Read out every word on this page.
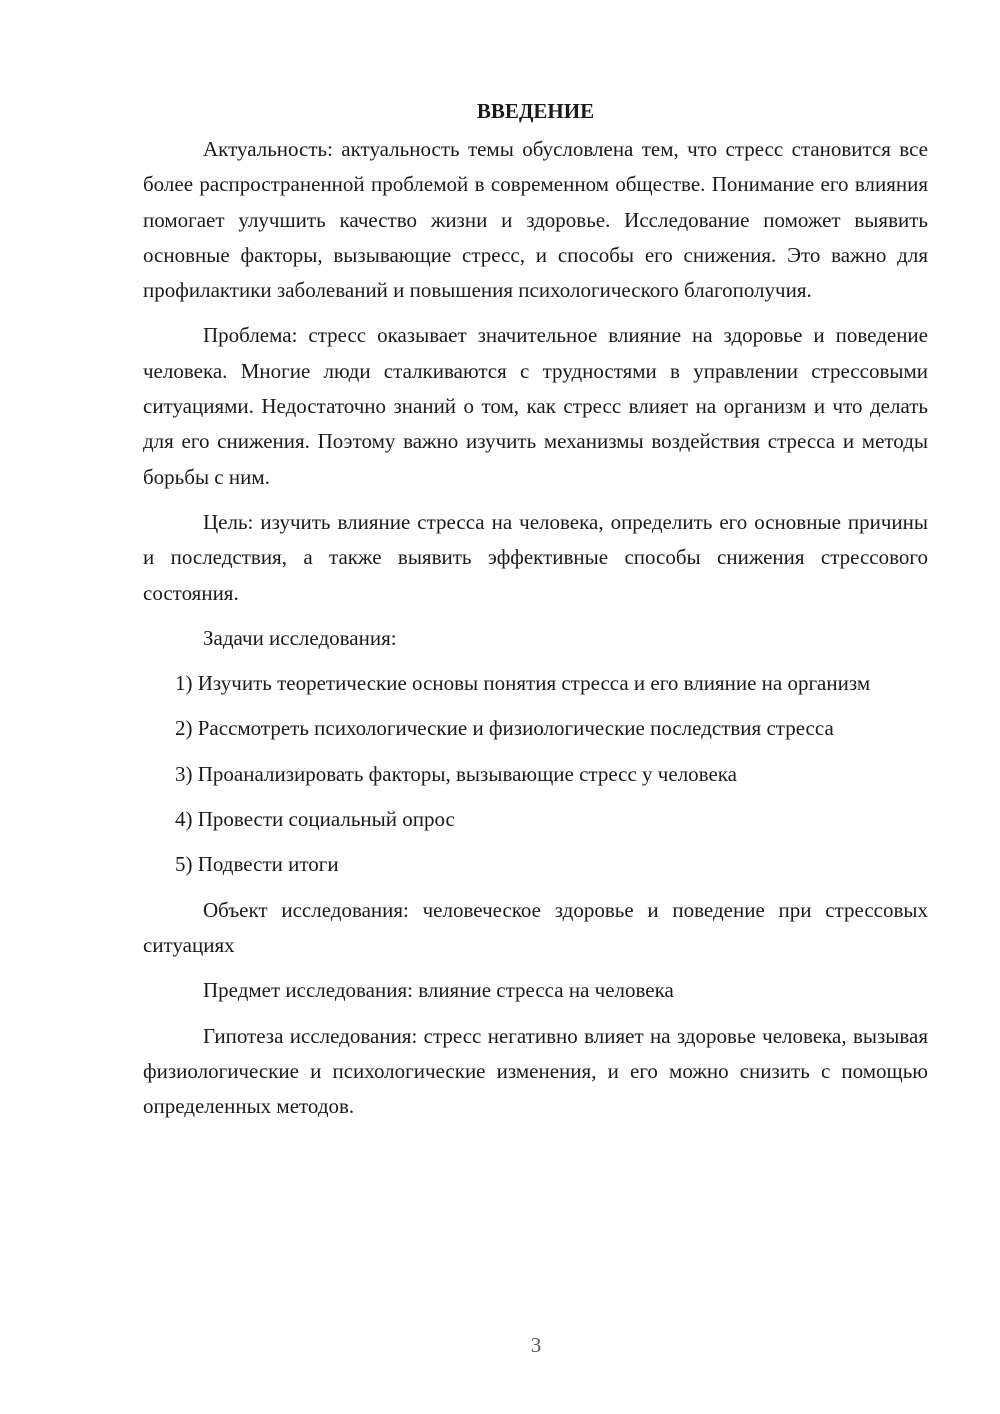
ВВЕДЕНИЕ

Актуальность: актуальность темы обусловлена тем, что стресс становится все более распространенной проблемой в современном обществе. Понимание его влияния помогает улучшить качество жизни и здоровье. Исследование поможет выявить основные факторы, вызывающие стресс, и способы его снижения. Это важно для профилактики заболеваний и повышения психологического благополучия.

Проблема: стресс оказывает значительное влияние на здоровье и поведение человека. Многие люди сталкиваются с трудностями в управлении стрессовыми ситуациями. Недостаточно знаний о том, как стресс влияет на организм и что делать для его снижения. Поэтому важно изучить механизмы воздействия стресса и методы борьбы с ним.

Цель: изучить влияние стресса на человека, определить его основные причины и последствия, а также выявить эффективные способы снижения стрессового состояния.

Задачи исследования:

1) Изучить теоретические основы понятия стресса и его влияние на организм

2) Рассмотреть психологические и физиологические последствия стресса

3) Проанализировать факторы, вызывающие стресс у человека

4) Провести социальный опрос

5) Подвести итоги

Объект исследования: человеческое здоровье и поведение при стрессовых ситуациях

Предмет исследования: влияние стресса на человека

Гипотеза исследования: стресс негативно влияет на здоровье человека, вызывая физиологические и психологические изменения, и его можно снизить с помощью определенных методов.

3
